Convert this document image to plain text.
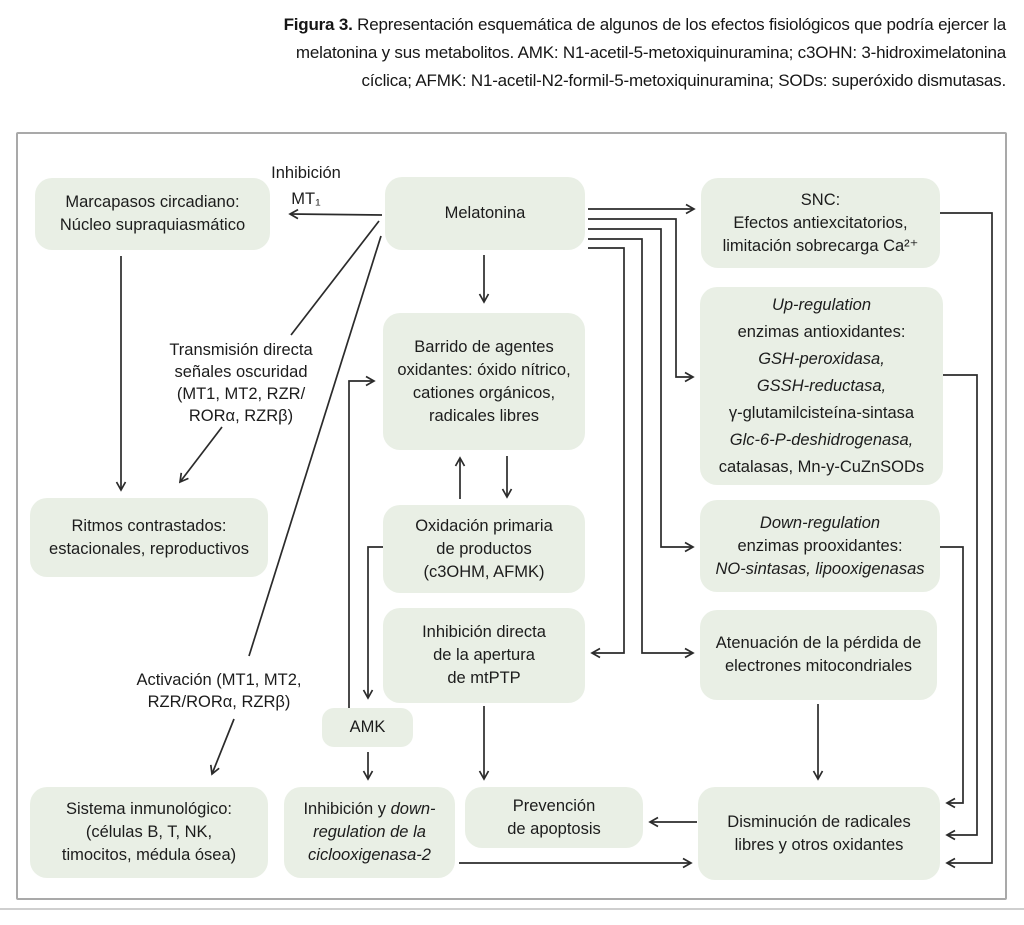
Figura 3. Representación esquemática de algunos de los efectos fisiológicos que podría ejercer la
melatonina y sus metabolitos. AMK: N1-acetil-5-metoxiquinuramina; c3OHN: 3-hidroximelatonina
cíclica; AFMK: N1-acetil-N2-formil-5-metoxiquinuramina; SODs: superóxido dismutasas.
Marcapasos circadiano:
Núcleo supraquiasmático
Melatonina
SNC:
Efectos antiexcitatorios,
limitación sobrecarga Ca²⁺
Up-regulation
enzimas antioxidantes:
GSH-peroxidasa,
GSSH-reductasa,
γ-glutamilcisteína-sintasa
Glc-6-P-deshidrogenasa,
catalasas, Mn-y-CuZnSODs
Barrido de agentes
oxidantes: óxido nítrico,
cationes orgánicos,
radicales libres
Ritmos contrastados:
estacionales, reproductivos
Oxidación primaria
de productos
(c3OHM, AFMK)
Down-regulation
enzimas prooxidantes:
NO-sintasas, lipooxigenasas
Inhibición directa
de la apertura
de mtPTP
Atenuación de la pérdida de
electrones mitocondriales
AMK
Sistema inmunológico:
(células B, T, NK,
timocitos, médula ósea)
Inhibición y down-
regulation de la
ciclooxigenasa-2
Prevención
de apoptosis	Disminución de radicales
libres y otros oxidantes
Inhibición
MT₁
Transmisión directa
señales oscuridad
(MT1, MT2, RZR/
RORα, RZRβ)
Activación (MT1, MT2,
RZR/RORα, RZRβ)
